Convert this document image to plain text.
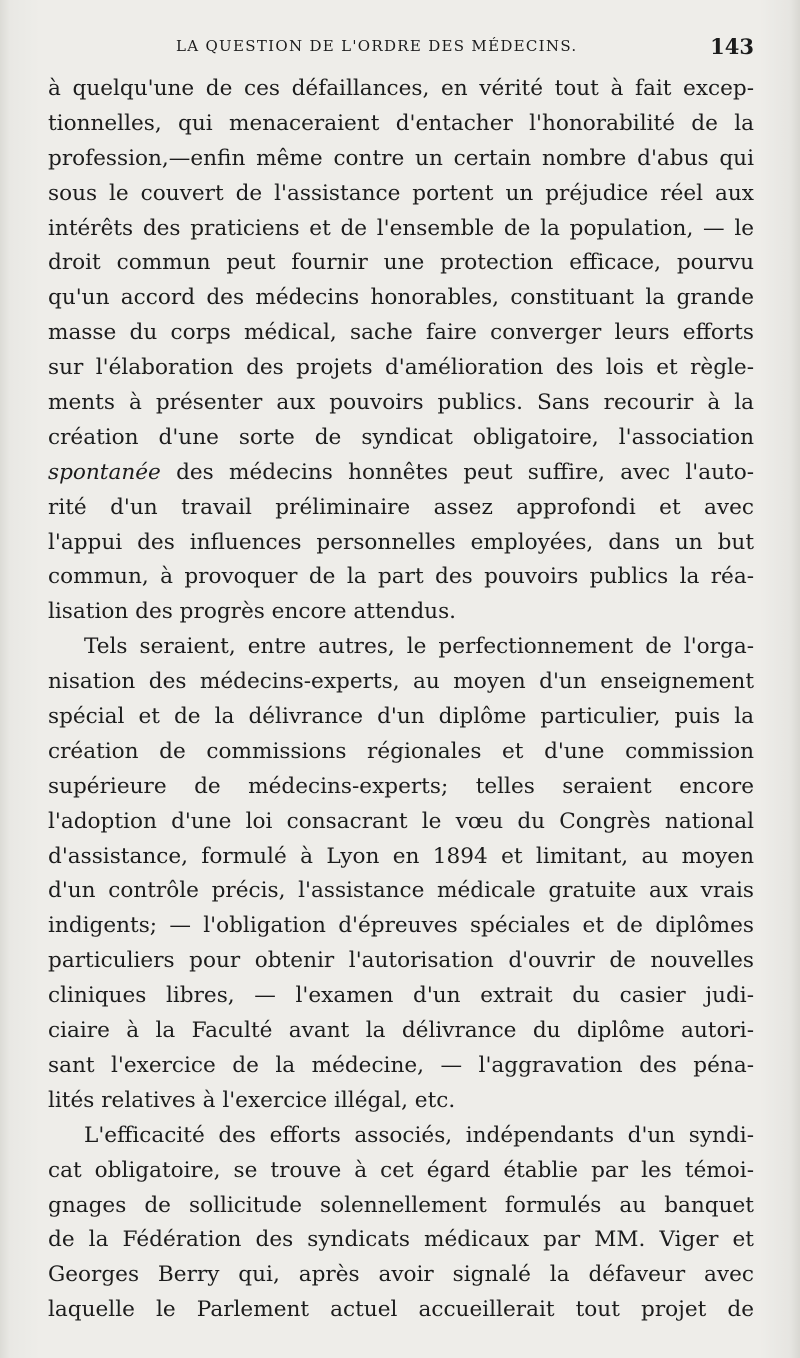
LA QUESTION DE L'ORDRE DES MÉDECINS.	143
à quelqu'une de ces défaillances, en vérité tout à fait excep-
tionnelles, qui menaceraient d'entacher l'honorabilité de la
profession,—enfin même contre un certain nombre d'abus qui
sous le couvert de l'assistance portent un préjudice réel aux
intérêts des praticiens et de l'ensemble de la population, — le
droit commun peut fournir une protection efficace, pourvu
qu'un accord des médecins honorables, constituant la grande
masse du corps médical, sache faire converger leurs efforts
sur l'élaboration des projets d'amélioration des lois et règle-
ments à présenter aux pouvoirs publics. Sans recourir à la
création d'une sorte de syndicat obligatoire, l'association
spontanée des médecins honnêtes peut suffire, avec l'auto-
rité d'un travail préliminaire assez approfondi et avec
l'appui des influences personnelles employées, dans un but
commun, à provoquer de la part des pouvoirs publics la réa-
lisation des progrès encore attendus.
Tels seraient, entre autres, le perfectionnement de l'orga-
nisation des médecins-experts, au moyen d'un enseignement
spécial et de la délivrance d'un diplôme particulier, puis la
création de commissions régionales et d'une commission
supérieure de médecins-experts; telles seraient encore
l'adoption d'une loi consacrant le vœu du Congrès national
d'assistance, formulé à Lyon en 1894 et limitant, au moyen
d'un contrôle précis, l'assistance médicale gratuite aux vrais
indigents; — l'obligation d'épreuves spéciales et de diplômes
particuliers pour obtenir l'autorisation d'ouvrir de nouvelles
cliniques libres, — l'examen d'un extrait du casier judi-
ciaire à la Faculté avant la délivrance du diplôme autori-
sant l'exercice de la médecine, — l'aggravation des péna-
lités relatives à l'exercice illégal, etc.
L'efficacité des efforts associés, indépendants d'un syndi-
cat obligatoire, se trouve à cet égard établie par les témoi-
gnages de sollicitude solennellement formulés au banquet
de la Fédération des syndicats médicaux par MM. Viger et
Georges Berry qui, après avoir signalé la défaveur avec
laquelle le Parlement actuel accueillerait tout projet de
